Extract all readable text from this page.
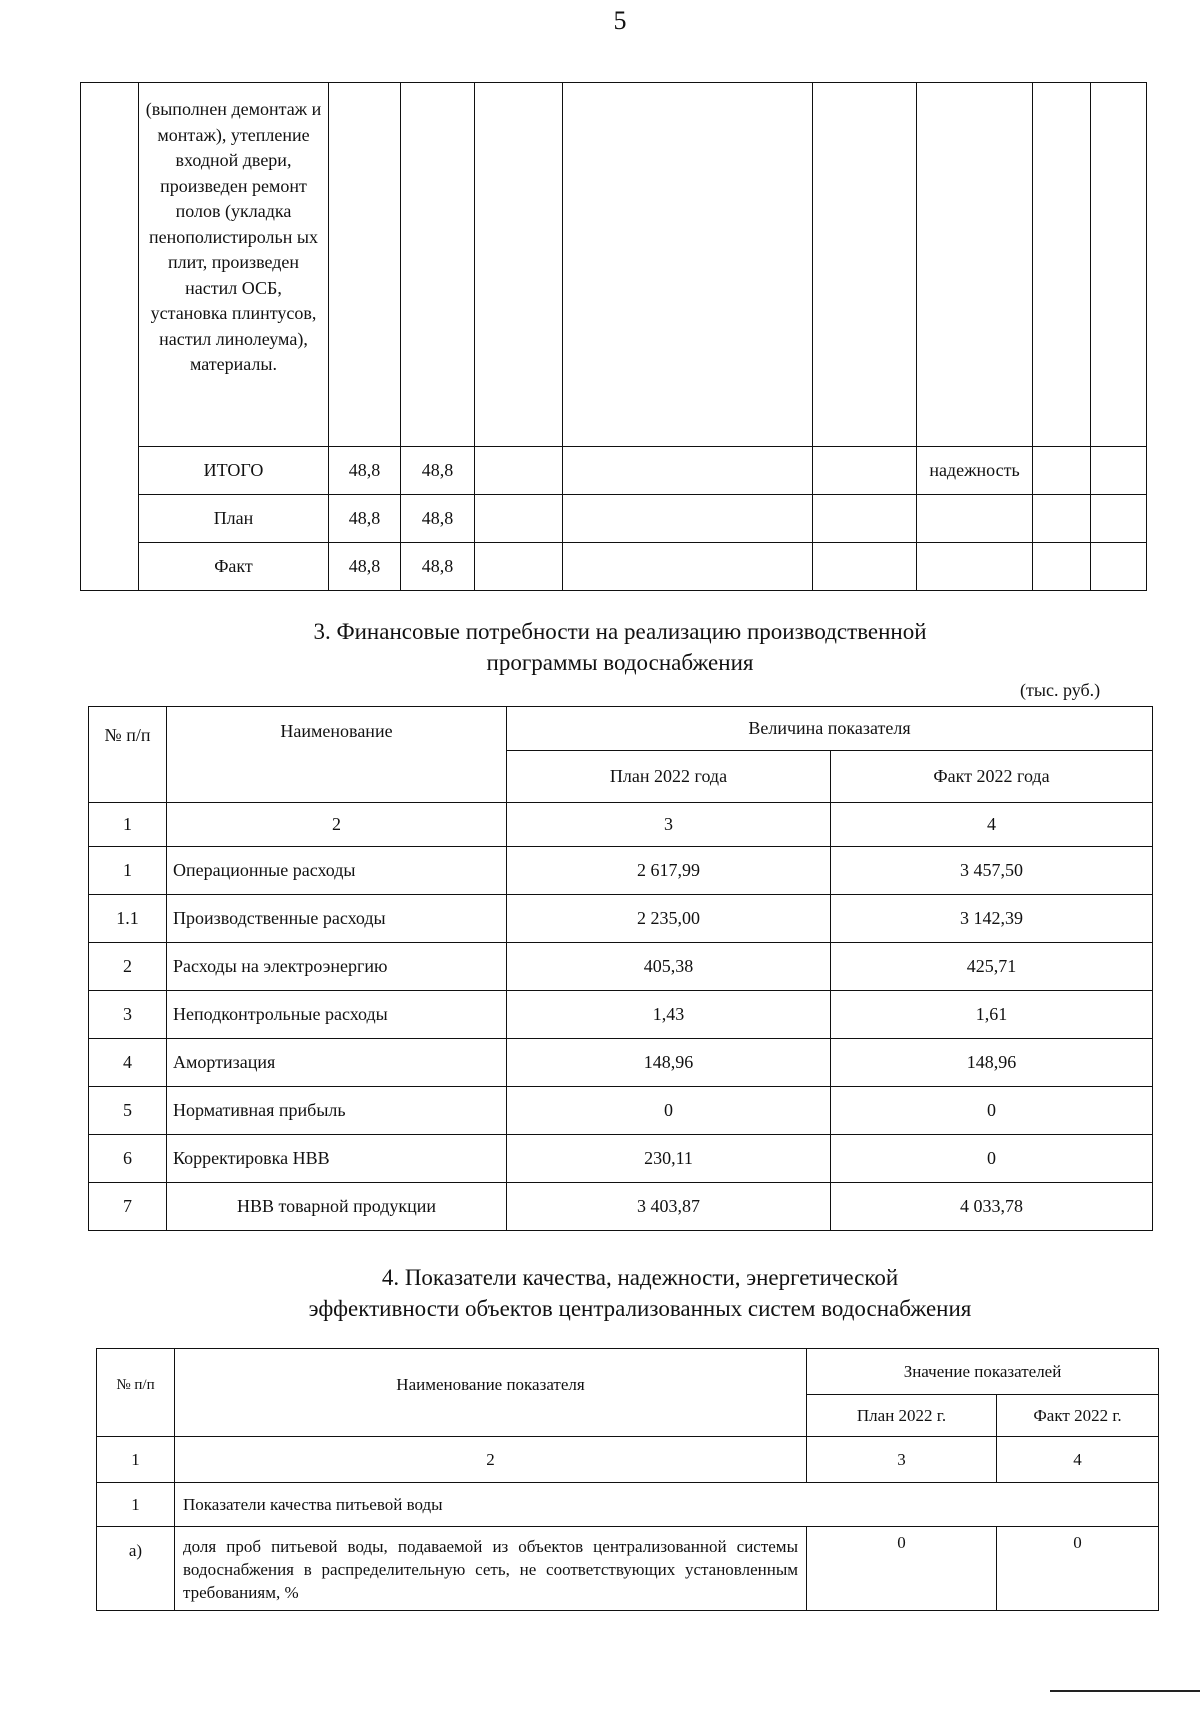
5
	(выполнен демонтаж и монтаж), утепление входной двери, произведен ремонт полов (укладка пенополистирольн ых плит, произведен настил ОСБ, установка плинтусов, настил линолеума), материалы.								
	ИТОГО	48,8	48,8				надежность		
	План	48,8	48,8						
	Факт	48,8	48,8						
3. Финансовые потребности на реализацию производственной
программы водоснабжения
(тыс. руб.)
№ п/п	Наименование	Величина показателя	
		План 2022 года	Факт 2022 года
1	2	3	4
1	Операционные расходы	2 617,99	3 457,50
1.1	Производственные расходы	2 235,00	3 142,39
2	Расходы на электроэнергию	405,38	425,71
3	Неподконтрольные расходы	1,43	1,61
4	Амортизация	148,96	148,96
5	Нормативная прибыль	0	0
6	Корректировка НВВ	230,11	0
7	НВВ товарной продукции	3 403,87	4 033,78
4. Показатели качества, надежности, энергетической
эффективности объектов централизованных систем водоснабжения
№ п/п	Наименование показателя	Значение показателей	
		План 2022 г.	Факт 2022 г.
1	2	3	4
1	Показатели качества питьевой воды		
а)	доля проб питьевой воды, подаваемой из объектов централизованной системы водоснабжения в распределительную сеть, не соответствующих установленным требованиям, %	0	0
